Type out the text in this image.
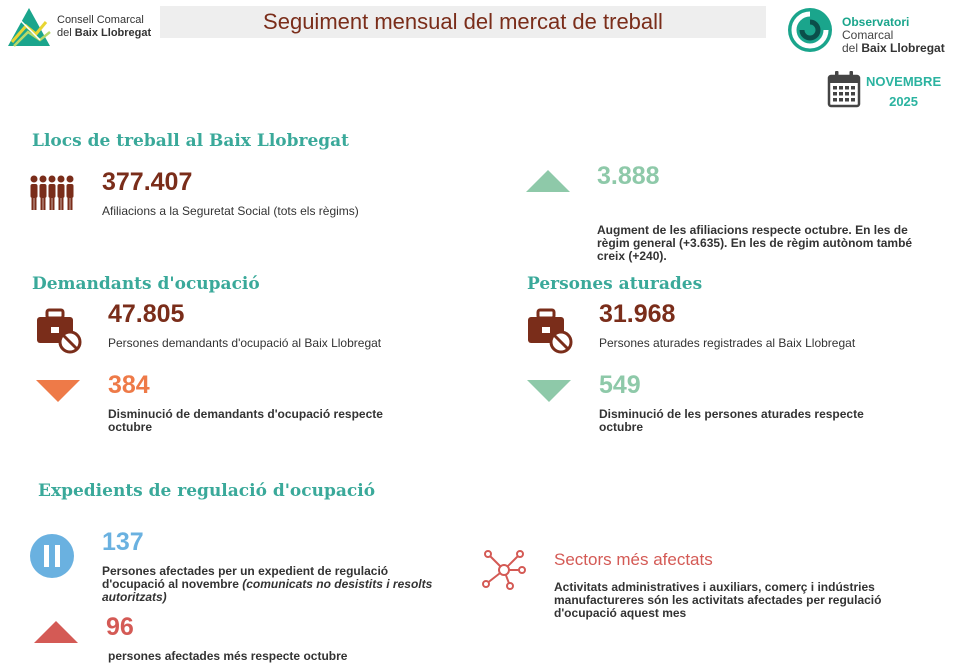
Consell Comarcal
del Baix Llobregat	Seguiment mensual del mercat de treball	Observatori Comarcal
del Baix Llobregat
NOVEMBRE
2025
Llocs de treball al Baix Llobregat
377.407
Afiliacions a la Seguretat Social (tots els règims)
3.888
Augment de les afiliacions respecte octubre. En les de règim general (+3.635). En les de règim autònom també creix (+240).
Demandants d'ocupació
47.805
Persones demandants d'ocupació al Baix Llobregat
384
Disminució de demandants d'ocupació respecte octubre
Persones aturades
31.968
Persones aturades registrades al Baix Llobregat
549
Disminució de les persones aturades respecte octubre
Expedients de regulació d'ocupació
137
Persones afectades per un expedient de regulació d'ocupació al novembre (comunicats no desistits i resolts autoritzats)
96
persones afectades més respecte octubre
Sectors més afectats
Activitats administratives i auxiliars, comerç i indústries manufactureres són les activitats afectades per regulació d'ocupació aquest mes
